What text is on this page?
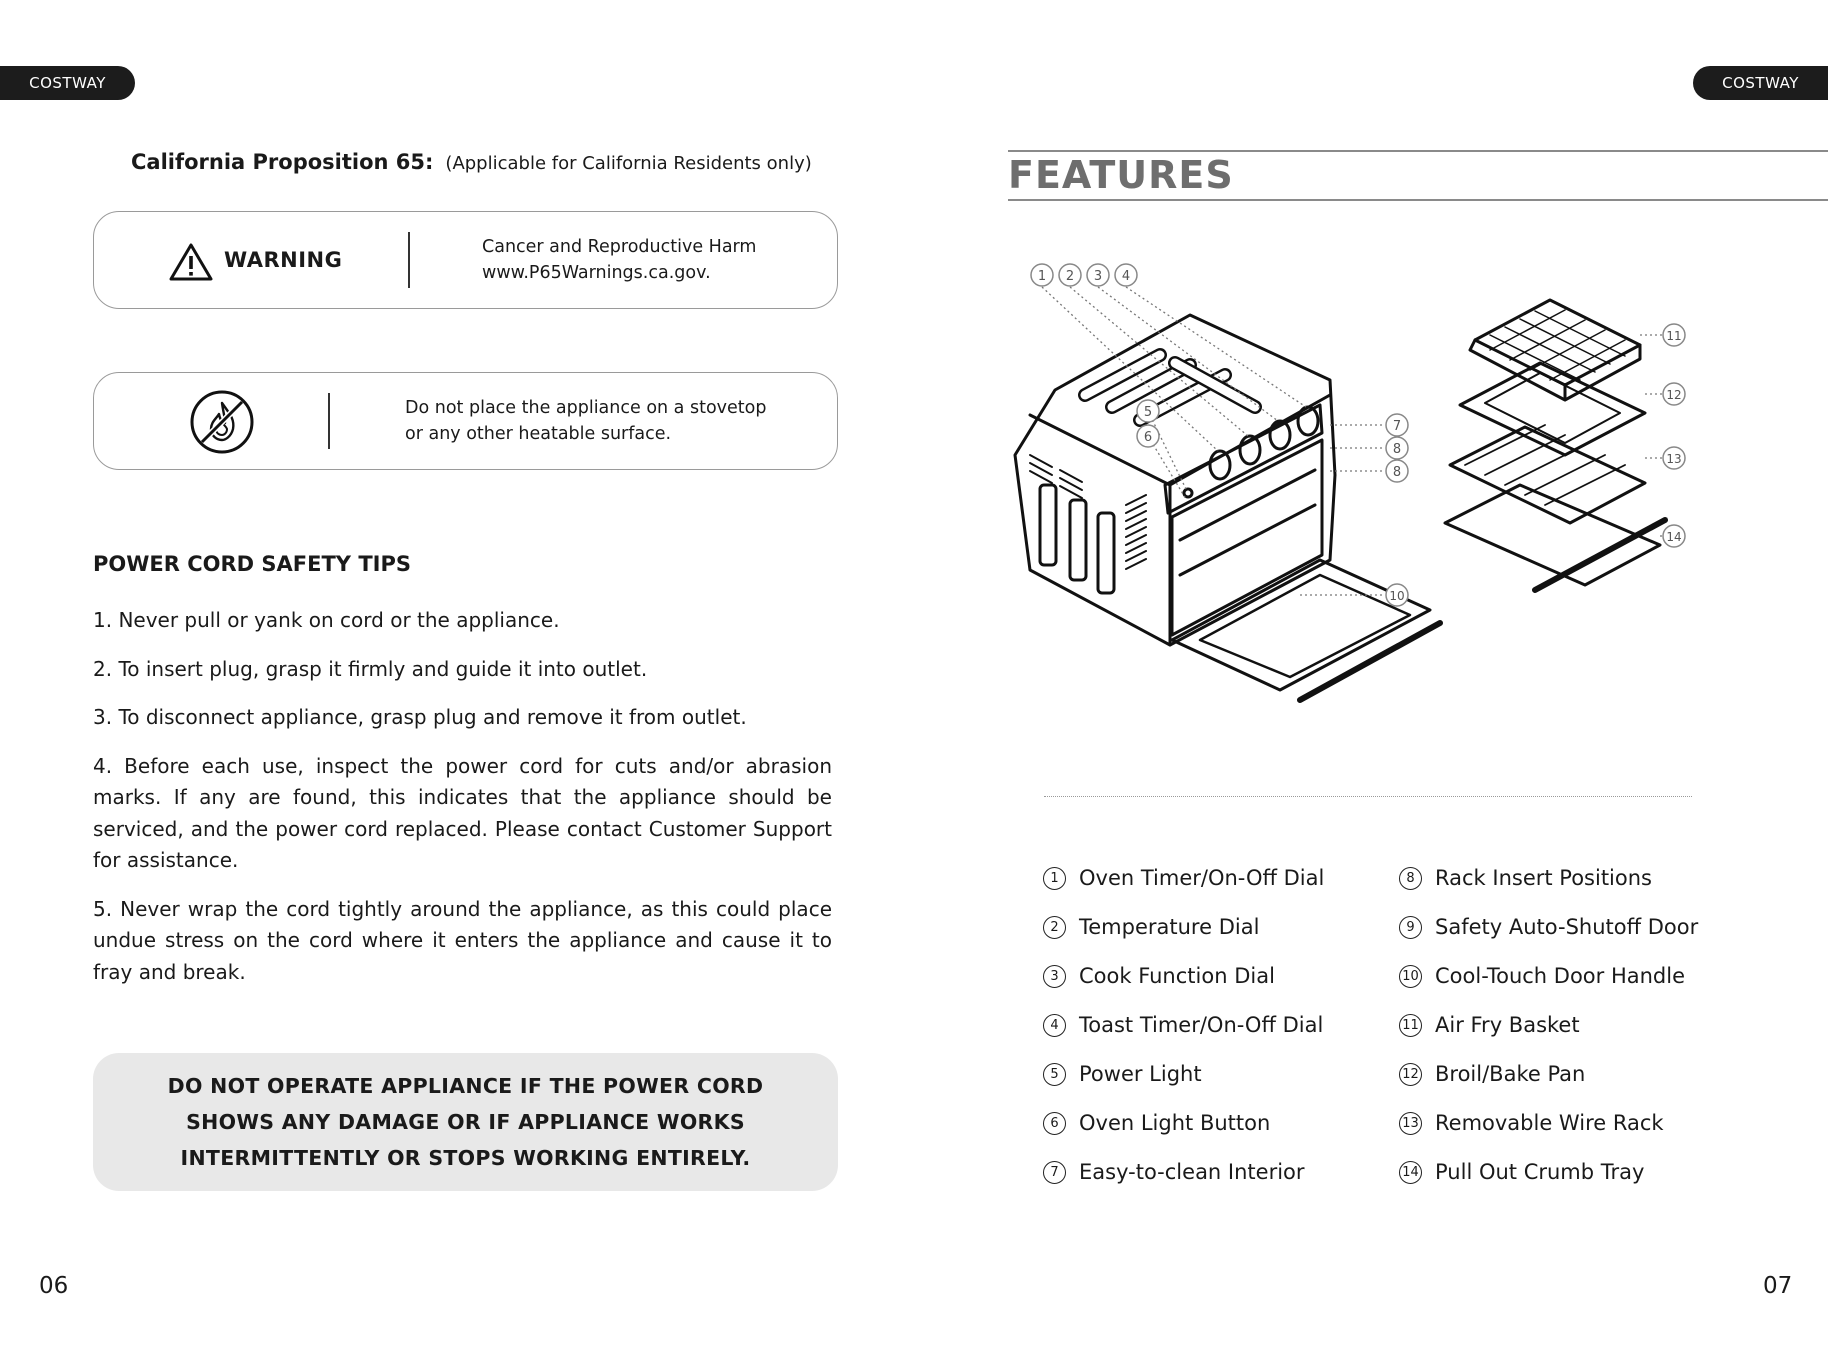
COSTWAY	COSTWAY
California Proposition 65: (Applicable for California Residents only)
WARNING
Cancer and Reproductive Harm
www.P65Warnings.ca.gov.
Do not place the appliance on a stovetop
or any other heatable surface.
POWER CORD SAFETY TIPS

1. Never pull or yank on cord or the appliance.

2. To insert plug, grasp it firmly and guide it into outlet.

3. To disconnect appliance, grasp plug and remove it from outlet.

4. Before each use, inspect the power cord for cuts and/or abrasion marks. If any are found, this indicates that the appliance should be serviced, and the power cord replaced. Please contact Customer Support for assistance.

5. Never wrap the cord tightly around the appliance, as this could place undue stress on the cord where it enters the appliance and cause it to fray and break.

DO NOT OPERATE APPLIANCE IF THE POWER CORD SHOWS ANY DAMAGE OR IF APPLIANCE WORKS INTERMITTENTLY OR STOPS WORKING ENTIRELY.
06
FEATURES
1 2 3 4
5
6
7
8
8
10
11
12
13
14
1 Oven Timer/On-Off Dial
2 Temperature Dial
3 Cook Function Dial
4 Toast Timer/On-Off Dial
5 Power Light
6 Oven Light Button
7 Easy-to-clean Interior
8 Rack Insert Positions
9 Safety Auto-Shutoff Door
10 Cool-Touch Door Handle
11 Air Fry Basket
12 Broil/Bake Pan
13 Removable Wire Rack
14 Pull Out Crumb Tray
07
